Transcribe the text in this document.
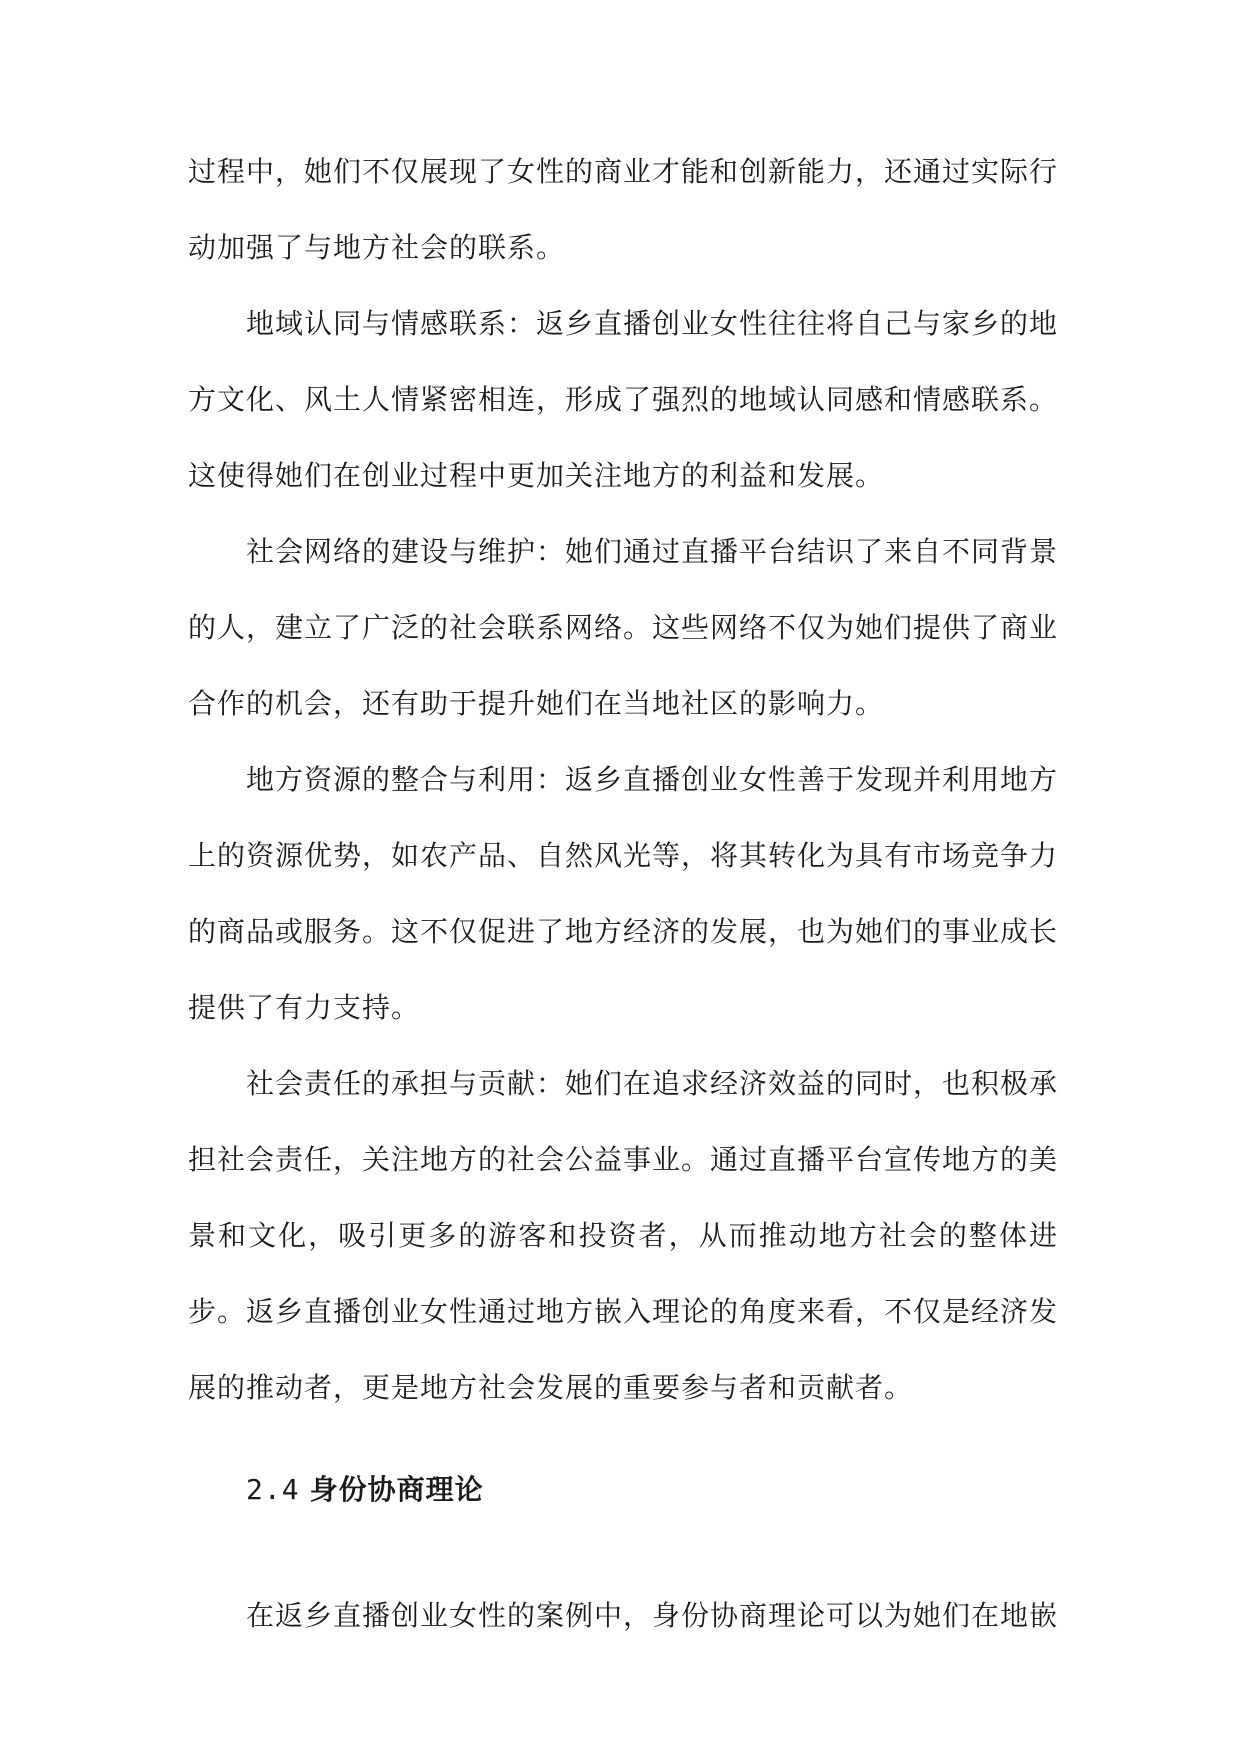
过程中，她们不仅展现了女性的商业才能和创新能力，还通过实际行动加强了与地方社会的联系。

地域认同与情感联系：返乡直播创业女性往往将自己与家乡的地方文化、风土人情紧密相连，形成了强烈的地域认同感和情感联系。这使得她们在创业过程中更加关注地方的利益和发展。

社会网络的建设与维护：她们通过直播平台结识了来自不同背景的人，建立了广泛的社会联系网络。这些网络不仅为她们提供了商业合作的机会，还有助于提升她们在当地社区的影响力。

地方资源的整合与利用：返乡直播创业女性善于发现并利用地方上的资源优势，如农产品、自然风光等，将其转化为具有市场竞争力的商品或服务。这不仅促进了地方经济的发展，也为她们的事业成长提供了有力支持。

社会责任的承担与贡献：她们在追求经济效益的同时，也积极承担社会责任，关注地方的社会公益事业。通过直播平台宣传地方的美景和文化，吸引更多的游客和投资者，从而推动地方社会的整体进步。 返乡直播创业女性通过地方嵌入理论的角度来看，不仅是经济发展的推动者，更是地方社会发展的重要参与者和贡献者。

2.4 身份协商理论

在返乡直播创业女性的案例中，身份协商理论可以为她们在地嵌
